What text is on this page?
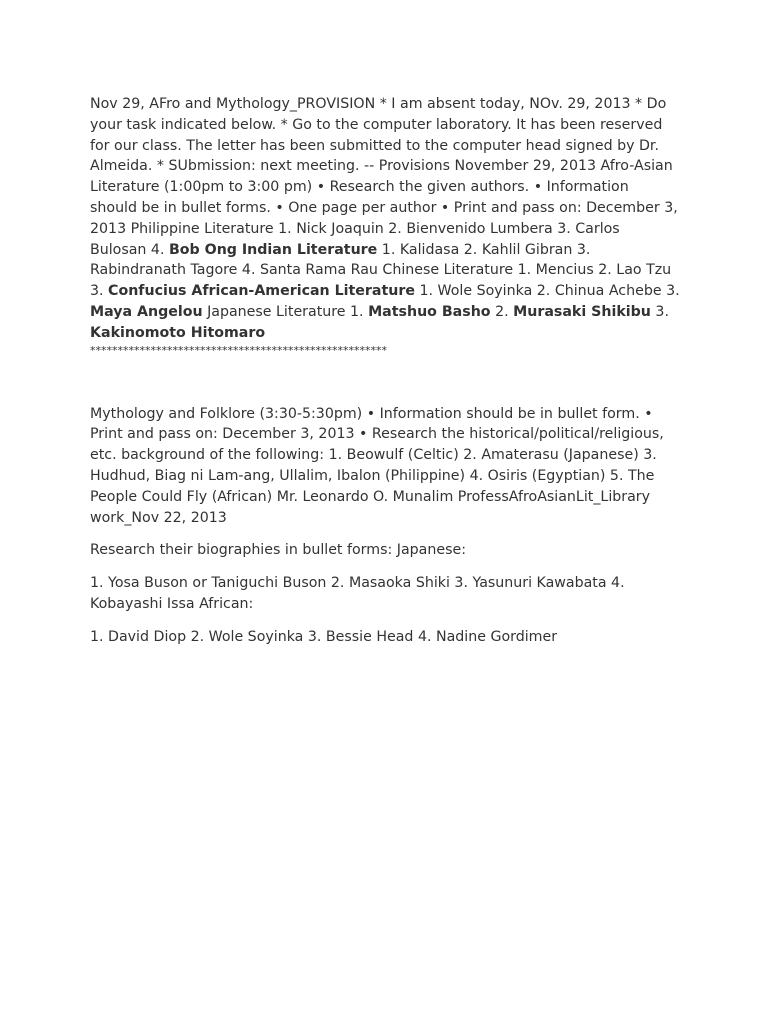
Nov 29, AFro and Mythology_PROVISION * I am absent today, NOv. 29, 2013 * Do your task indicated below. * Go to the computer laboratory. It has been reserved for our class. The letter has been submitted to the computer head signed by Dr. Almeida. * SUbmission: next meeting. -- Provisions November 29, 2013 Afro-Asian Literature (1:00pm to 3:00 pm) • Research the given authors. • Information should be in bullet forms. • One page per author • Print and pass on: December 3, 2013 Philippine Literature 1. Nick Joaquin 2. Bienvenido Lumbera 3. Carlos Bulosan 4. Bob Ong Indian Literature 1. Kalidasa 2. Kahlil Gibran 3. Rabindranath Tagore 4. Santa Rama Rau Chinese Literature 1. Mencius 2. Lao Tzu 3. Confucius African-American Literature 1. Wole Soyinka 2. Chinua Achebe 3. Maya Angelou Japanese Literature 1. Matshuo Basho 2. Murasaki Shikibu 3. Kakinomoto Hitomaro

******************************************************

Mythology and Folklore (3:30-5:30pm) • Information should be in bullet form. • Print and pass on: December 3, 2013 • Research the historical/political/religious, etc. background of the following: 1. Beowulf (Celtic) 2. Amaterasu (Japanese) 3. Hudhud, Biag ni Lam-ang, Ullalim, Ibalon (Philippine) 4. Osiris (Egyptian) 5. The People Could Fly (African) Mr. Leonardo O. Munalim ProfessAfroAsianLit_Library work_Nov 22, 2013

Research their biographies in bullet forms: Japanese:

1. Yosa Buson or Taniguchi Buson 2. Masaoka Shiki 3. Yasunuri Kawabata 4. Kobayashi Issa African:

1. David Diop 2. Wole Soyinka 3. Bessie Head 4. Nadine Gordimer
